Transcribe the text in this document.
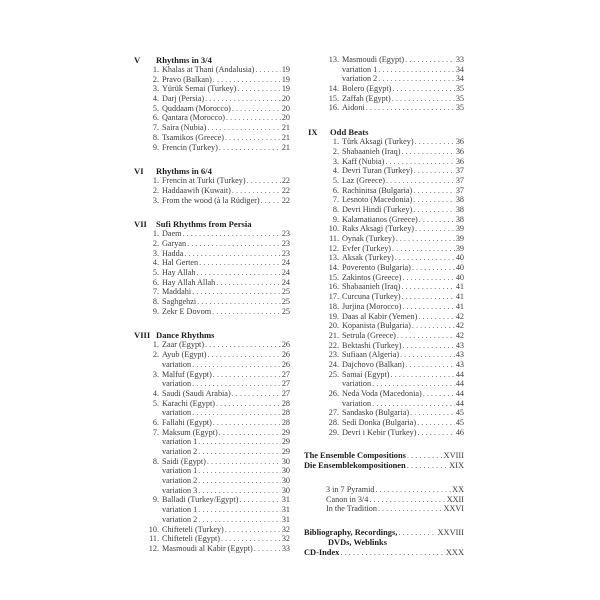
V	Rhythms in 3/4
1. Khalas at Thani (Andalusia) . . .	19
2. Pravo (Balkan) . . .	19
3. Yürük Semai (Turkey) . . .	19
4. Darj (Persia) . . .	20
5. Quddaam (Morocco) . . .	20
6. Qantara (Morocco) . . .	20
7. Saira (Nubia) . . .	21
8. Tsamikos (Greece) . . .	21
9. Frencin (Turkey) . . .	21
VI	Rhythms in 6/4
1. Frencin at Turki (Turkey) . . .	22
2. Haddaawih (Kuwait) . . .	22
3. From the wood (à la Rüdiger) . . .	22
VII	Sufi Rhythms from Persia
1. Daem . . .	23
2. Garyan . . .	23
3. Hadda . . .	23
4. Hal Gerten . . .	24
5. Hay Allah . . .	24
6. Hay Allah Allah . . .	24
7. Maddahi . . .	25
8. Saghgehzi . . .	25
9. Zekr E Dovom . . .	25
VIII Dance Rhythms
1. Zaar (Egypt) . . .	26
2. Ayub (Egypt) . . .	26
variation . . .	26
3. Malfuf (Egypt) . . .	27
variation . . .	27
4. Saudi (Saudi Arabia) . . .	27
5. Karachi (Egypt) . . .	28
variation . . .	28
6. Fallahi (Egypt) . . .	28
7. Maksum (Egypt) . . .	29
variation 1 . . .	29
variation 2 . . .	29
8. Saidi (Egypt) . . .	30
variation 1 . . .	30
variation 2 . . .	30
variation 3 . . .	30
9. Balladi (Turkey/Egypt) . . .	31
variation 1 . . .	31
variation 2 . . .	31
10. Chifteteli (Turkey) . . .	32
11. Chifteteli (Egypt) . . .	32
12. Masmoudi al Kabir (Egypt) . . .	33
13. Masmoudi (Egypt) . . .	33
variation 1 . . .	34
variation 2 . . .	34
14. Bolero (Egypt) . . .	35
15. Zaffah (Egypt) . . .	35
16. Aidoni . . .	35
IX	Odd Beats
1. Türk Aksagi (Turkey) . . .	36
2. Shabaanieh (Iraq) . . .	36
3. Kaff (Nubia) . . .	36
4. Devri Turan (Turkey) . . .	37
5. Laz (Greece) . . .	37
6. Rachinitsa (Bulgaria) . . .	37
7. Lesnoto (Macedonia) . . .	38
8. Devri Hindi (Turkey) . . .	38
9. Kalamatianos (Greece) . . .	38
10. Raks Aksagi (Turkey) . . .	39
11. Oynak (Turkey) . . .	39
12. Evfer (Turkey) . . .	39
13. Aksak (Turkey) . . .	40
14. Poverento (Bulgaria) . . .	40
15. Zakintos (Greece) . . .	40
16. Shabaanieh (Iraq) . . .	41
17. Curcuna (Turkey) . . .	41
18. Jurjina (Morocco) . . .	41
19. Daas al Kabir (Yemen) . . .	42
20. Kopanista (Bulgaria) . . .	42
21. Setrula (Greece) . . .	42
22. Bektashi (Turkey) . . .	43
23. Sufiaan (Algeria) . . .	43
24. Dajchovo (Balkan) . . .	43
25. Samai (Egypt) . . .	44
variation . . .	44
26. Neda Voda (Macedonia) . . .	44
variation . . .	44
27. Sandasko (Bulgaria) . . .	45
28. Sedi Donka (Bulgaria) . . .	45
29. Devri i Kebir (Turkey) . . .	46
The Ensemble Compositions . . .	XVIII
Die Ensemblekompositionen . . .	XIX
3 in 7 Pyramid . . .	XX
Canon in 3/4 . . .	XXII
In the Tradition . . .	XXVI
Bibliography, Recordings, . . .	XXVIII
DVDs, Weblinks
CD-Index . . .	XXX
